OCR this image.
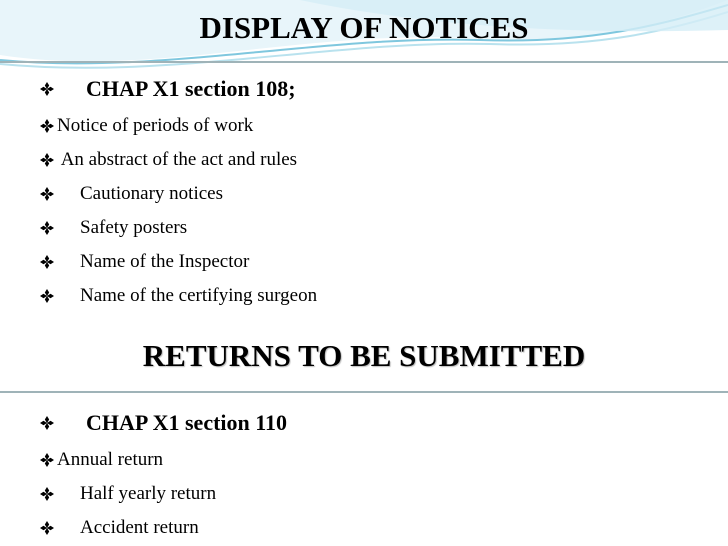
DISPLAY OF NOTICES
CHAP X1 section 108;
Notice of periods of work
An abstract of the act and rules
Cautionary notices
Safety posters
Name of the Inspector
Name of the certifying surgeon
RETURNS TO BE SUBMITTED
CHAP X1 section 110
Annual return
Half yearly return
Accident return
